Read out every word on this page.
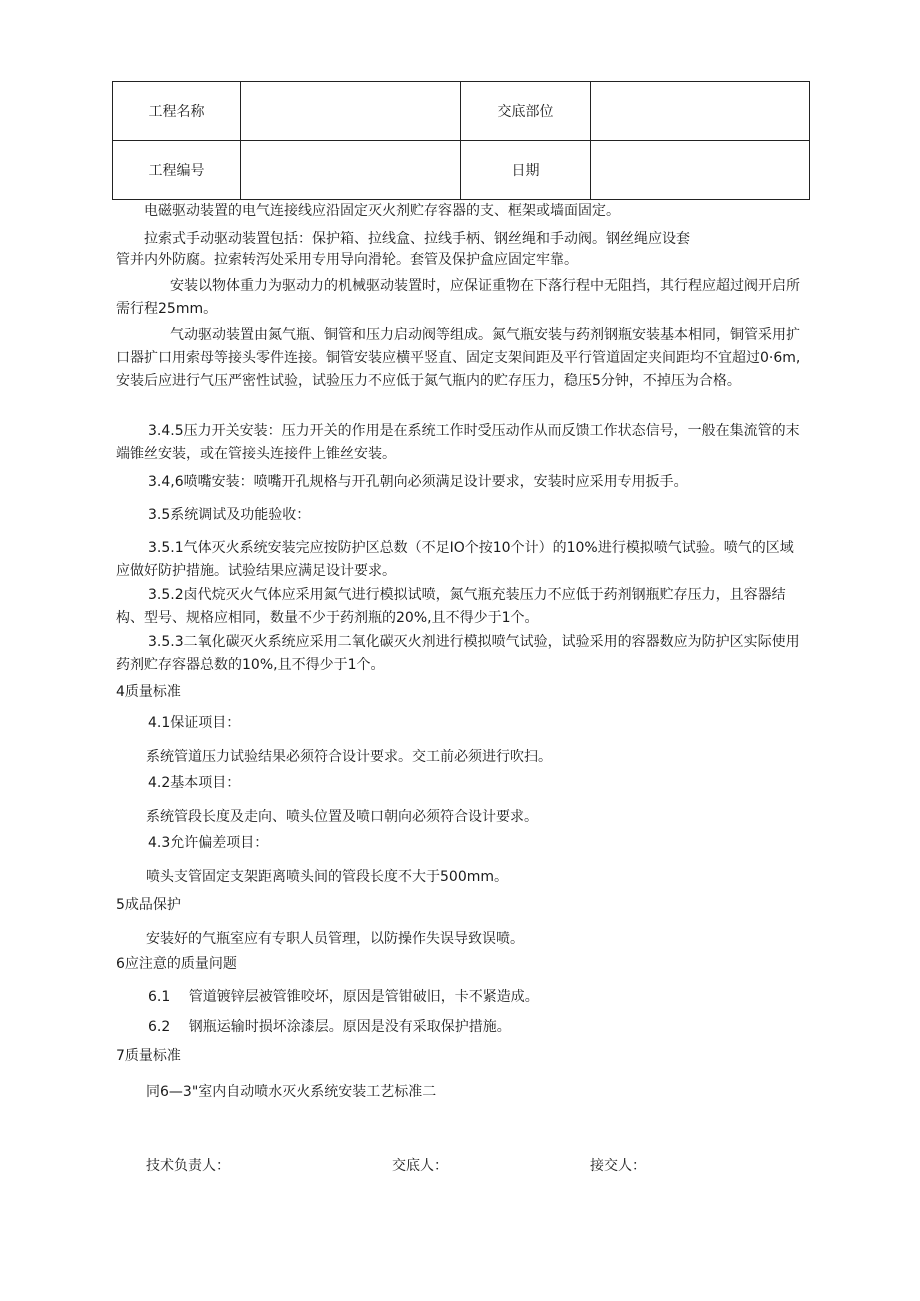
工程名称		交底部位	
工程编号		日期	
电磁驱动装置的电气连接线应沿固定灭火剂贮存容器的支、框架或墙面固定。
拉索式手动驱动装置包括：保护箱、拉线盒、拉线手柄、钢丝绳和手动阀。钢丝绳应设套
管并内外防腐。拉索转泻处采用专用导向滑轮。套管及保护盒应固定牢靠。
安装以物体重力为驱动力的机械驱动装置时，应保证重物在下落行程中无阻挡，其行程应超过阀开启所需行程25mm。
气动驱动装置由氮气瓶、铜管和压力启动阀等组成。氮气瓶安装与药剂钢瓶安装基本相同，铜管采用扩口器扩口用索母等接头零件连接。铜管安装应横平竖直、固定支架间距及平行管道固定夹间距均不宜超过0·6m,安装后应进行气压严密性试验，试验压力不应低于氮气瓶内的贮存压力，稳压5分钟，不掉压为合格。
3.4.5压力开关安装：压力开关的作用是在系统工作时受压动作从而反馈工作状态信号，一般在集流管的末端锥丝安装，或在管接头连接件上锥丝安装。
3.4,6喷嘴安装：喷嘴开孔规格与开孔朝向必须满足设计要求，安装时应采用专用扳手。
3.5系统调试及功能验收：
3.5.1气体灭火系统安装完应按防护区总数（不足IO个按10个计）的10%进行模拟喷气试验。喷气的区域应做好防护措施。试验结果应满足设计要求。
3.5.2卤代烷灭火气体应采用氮气进行模拟试喷，氮气瓶充装压力不应低于药剂钢瓶贮存压力，且容器结构、型号、规格应相同，数量不少于药剂瓶的20%,且不得少于1个。
3.5.3二氧化碳灭火系统应采用二氧化碳灭火剂进行模拟喷气试验，试验采用的容器数应为防护区实际使用药剂贮存容器总数的10%,且不得少于1个。
4质量标准
4.1保证项目：
系统管道压力试验结果必须符合设计要求。交工前必须进行吹扫。
4.2基本项目：
系统管段长度及走向、喷头位置及喷口朝向必须符合设计要求。
4.3允许偏差项目：
喷头支管固定支架距离喷头间的管段长度不大于500mm。
5成品保护
安装好的气瓶室应有专职人员管理，以防操作失误导致误喷。
6应注意的质量问题
6.1　 管道镀锌层被管锥咬坏，原因是管钳破旧，卡不紧造成。
6.2　 钢瓶运输时损坏涂漆层。原因是没有采取保护措施。
7质量标准
同6—3"室内自动喷水灭火系统安装工艺标准二
技术负责人：	交底人：	接交人：
